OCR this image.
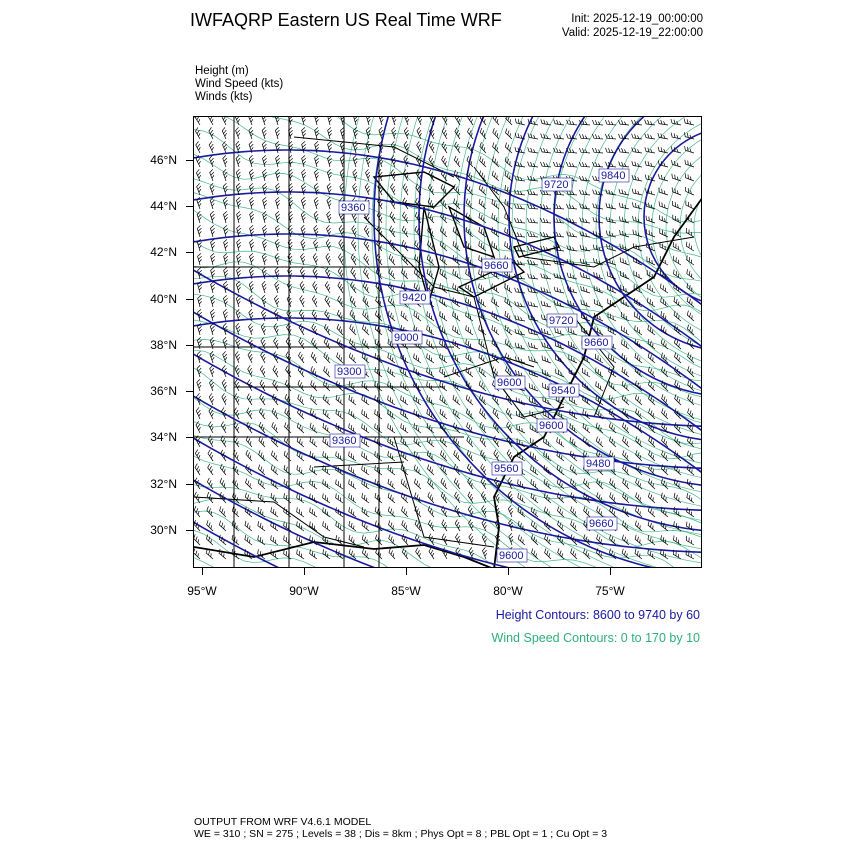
IWFAQRP Eastern US Real Time WRF	Init: 2025-12-19_00:00:00
Valid: 2025-12-19_22:00:00
Height (m)
Wind Speed (kts)
Winds (kts)
9720
9840
9360
9660
9420
9000	9660
9300
9540
9720
9600
9600
9360
9480
9660
9600
9560
46°N
44°N
42°N
40°N
38°N
36°N
34°N
32°N
30°N
95°W	90°W	85°W	80°W	75°W
Height Contours: 8600 to 9740 by 60
Wind Speed Contours: 0 to 170 by 10
OUTPUT FROM WRF V4.6.1 MODEL
WE = 310 ; SN = 275 ; Levels = 38 ; Dis = 8km ; Phys Opt = 8 ; PBL Opt = 1 ; Cu Opt = 3
